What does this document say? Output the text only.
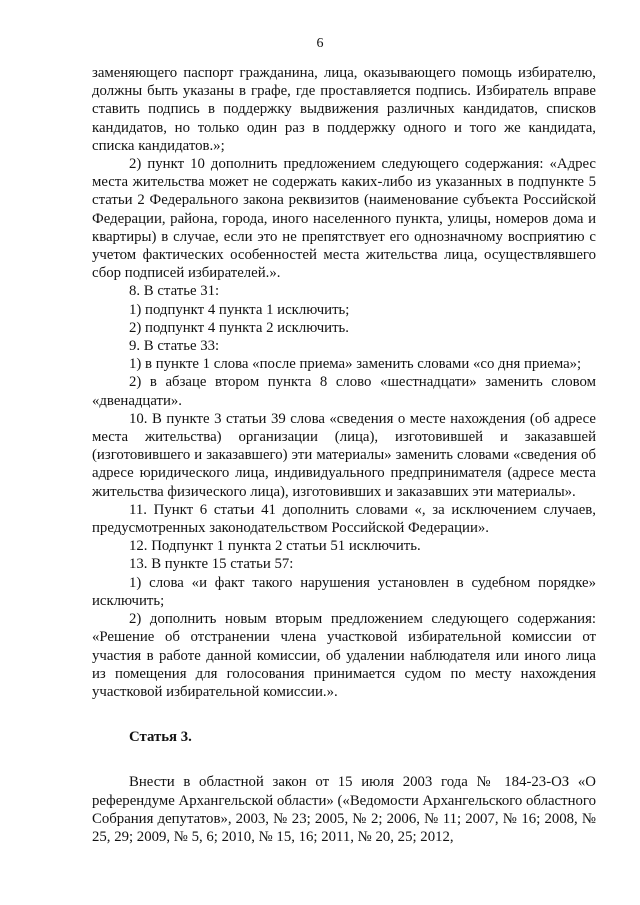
6

заменяющего паспорт гражданина, лица, оказывающего помощь избирателю, должны быть указаны в графе, где проставляется подпись. Избиратель вправе ставить подпись в поддержку выдвижения различных кандидатов, списков кандидатов, но только один раз в поддержку одного и того же кандидата, списка кандидатов.»;

2) пункт 10 дополнить предложением следующего содержания: «Адрес места жительства может не содержать каких-либо из указанных в подпункте 5 статьи 2 Федерального закона реквизитов (наименование субъекта Российской Федерации, района, города, иного населенного пункта, улицы, номеров дома и квартиры) в случае, если это не препятствует его однозначному восприятию с учетом фактических особенностей места жительства лица, осуществлявшего сбор подписей избирателей.».

8. В статье 31:

1) подпункт 4 пункта 1 исключить;

2) подпункт 4 пункта 2 исключить.

9. В статье 33:

1) в пункте 1 слова «после приема» заменить словами «со дня приема»;

2) в абзаце втором пункта 8 слово «шестнадцати» заменить словом «двенадцати».

10. В пункте 3 статьи 39 слова «сведения о месте нахождения (об адресе места жительства) организации (лица), изготовившей и заказавшей (изготовившего и заказавшего) эти материалы» заменить словами «сведения об адресе юридического лица, индивидуального предпринимателя (адресе места жительства физического лица), изготовивших и заказавших эти материалы».

11. Пункт 6 статьи 41 дополнить словами «, за исключением случаев, предусмотренных законодательством Российской Федерации».

12. Подпункт 1 пункта 2 статьи 51 исключить.

13. В пункте 15 статьи 57:

1) слова «и факт такого нарушения установлен в судебном порядке» исключить;

2) дополнить новым вторым предложением следующего содержания: «Решение об отстранении члена участковой избирательной комиссии от участия в работе данной комиссии, об удалении наблюдателя или иного лица из помещения для голосования принимается судом по месту нахождения участковой избирательной комиссии.».

Статья 3.

Внести в областной закон от 15 июля 2003 года № 184-23-ОЗ «О референдуме Архангельской области» («Ведомости Архангельского областного Собрания депутатов», 2003, № 23; 2005, № 2; 2006, № 11; 2007, № 16; 2008, № 25, 29; 2009, № 5, 6; 2010, № 15, 16; 2011, № 20, 25; 2012,
